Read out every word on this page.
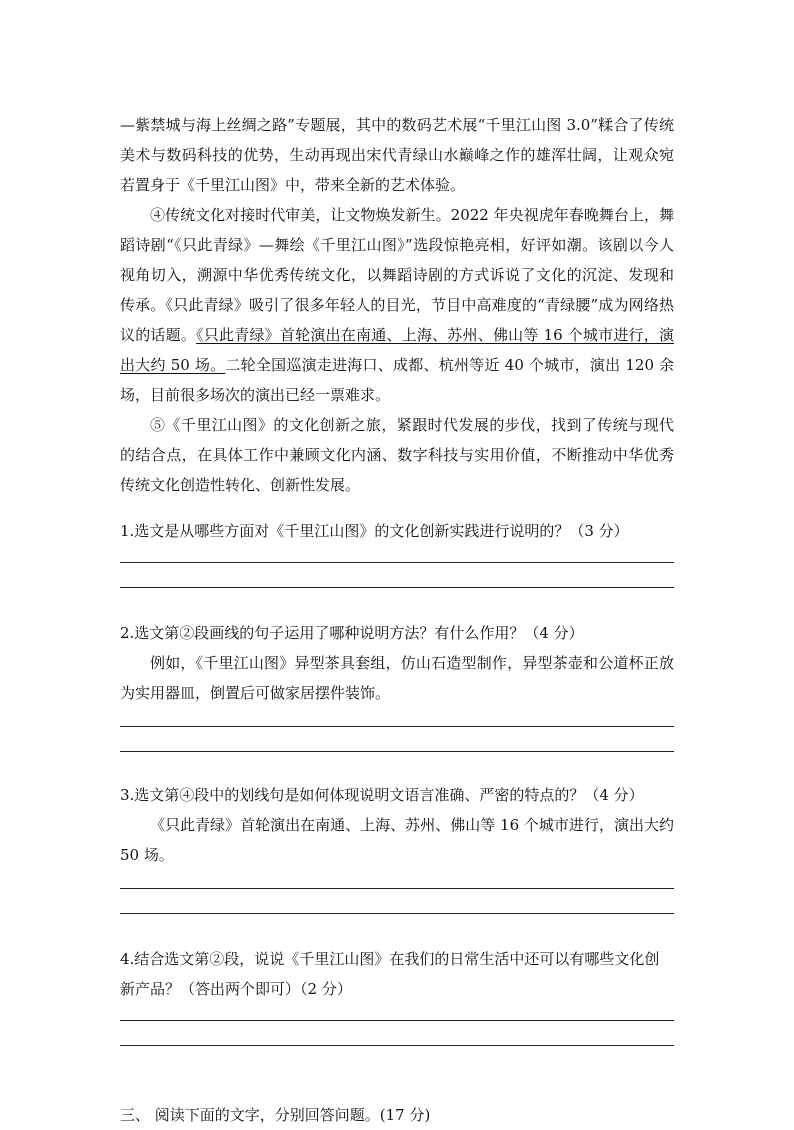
—紫禁城与海上丝绸之路”专题展，其中的数码艺术展“千里江山图 3.0”糅合了传统美术与数码科技的优势，生动再现出宋代青绿山水巅峰之作的雄浑壮阔，让观众宛若置身于《千里江山图》中，带来全新的艺术体验。

④传统文化对接时代审美，让文物焕发新生。2022 年央视虎年春晚舞台上，舞蹈诗剧“《只此青绿》—舞绘《千里江山图》”选段惊艳亮相，好评如潮。该剧以今人视角切入，溯源中华优秀传统文化，以舞蹈诗剧的方式诉说了文化的沉淀、发现和传承。《只此青绿》吸引了很多年轻人的目光，节目中高难度的“青绿腰”成为网络热议的话题。《只此青绿》首轮演出在南通、上海、苏州、佛山等 16 个城市进行，演出大约 50 场。二轮全国巡演走进海口、成都、杭州等近 40 个城市，演出 120 余场，目前很多场次的演出已经一票难求。

⑤《千里江山图》的文化创新之旅，紧跟时代发展的步伐，找到了传统与现代的结合点，在具体工作中兼顾文化内涵、数字科技与实用价值，不断推动中华优秀传统文化创造性转化、创新性发展。

1.选文是从哪些方面对《千里江山图》的文化创新实践进行说明的？（3 分）

2.选文第②段画线的句子运用了哪种说明方法？有什么作用？（4 分）

例如，《千里江山图》异型茶具套组，仿山石造型制作，异型茶壶和公道杯正放为实用器皿，倒置后可做家居摆件装饰。

3.选文第④段中的划线句是如何体现说明文语言准确、严密的特点的？（4 分）

《只此青绿》首轮演出在南通、上海、苏州、佛山等 16 个城市进行，演出大约 50 场。

4.结合选文第②段，说说《千里江山图》在我们的日常生活中还可以有哪些文化创新产品？（答出两个即可）（2 分）

三、 阅读下面的文字，分别回答问题。(17 分)
